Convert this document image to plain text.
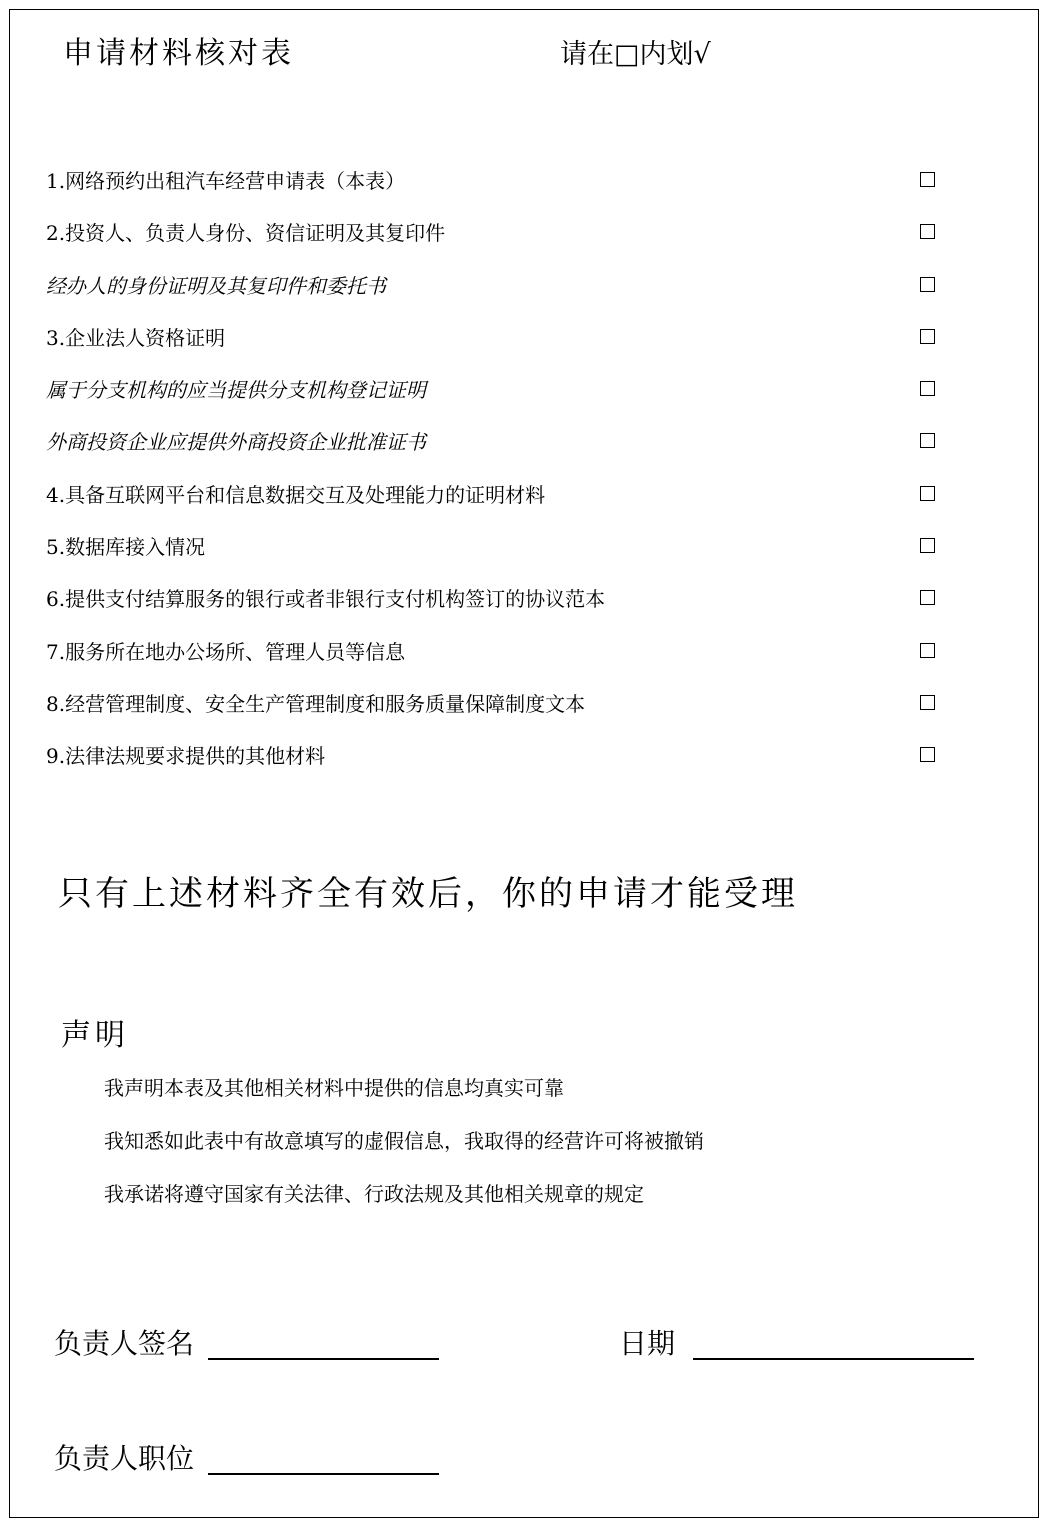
申请材料核对表	请在□内划√
1.网络预约出租汽车经营申请表（本表）
2.投资人、负责人身份、资信证明及其复印件
经办人的身份证明及其复印件和委托书
3.企业法人资格证明
属于分支机构的应当提供分支机构登记证明
外商投资企业应提供外商投资企业批准证书
4.具备互联网平台和信息数据交互及处理能力的证明材料
5.数据库接入情况
6.提供支付结算服务的银行或者非银行支付机构签订的协议范本
7.服务所在地办公场所、管理人员等信息
8.经营管理制度、安全生产管理制度和服务质量保障制度文本
9.法律法规要求提供的其他材料
只有上述材料齐全有效后，你的申请才能受理
声明
我声明本表及其他相关材料中提供的信息均真实可靠
我知悉如此表中有故意填写的虚假信息，我取得的经营许可将被撤销
我承诺将遵守国家有关法律、行政法规及其他相关规章的规定
负责人签名	日期
负责人职位
